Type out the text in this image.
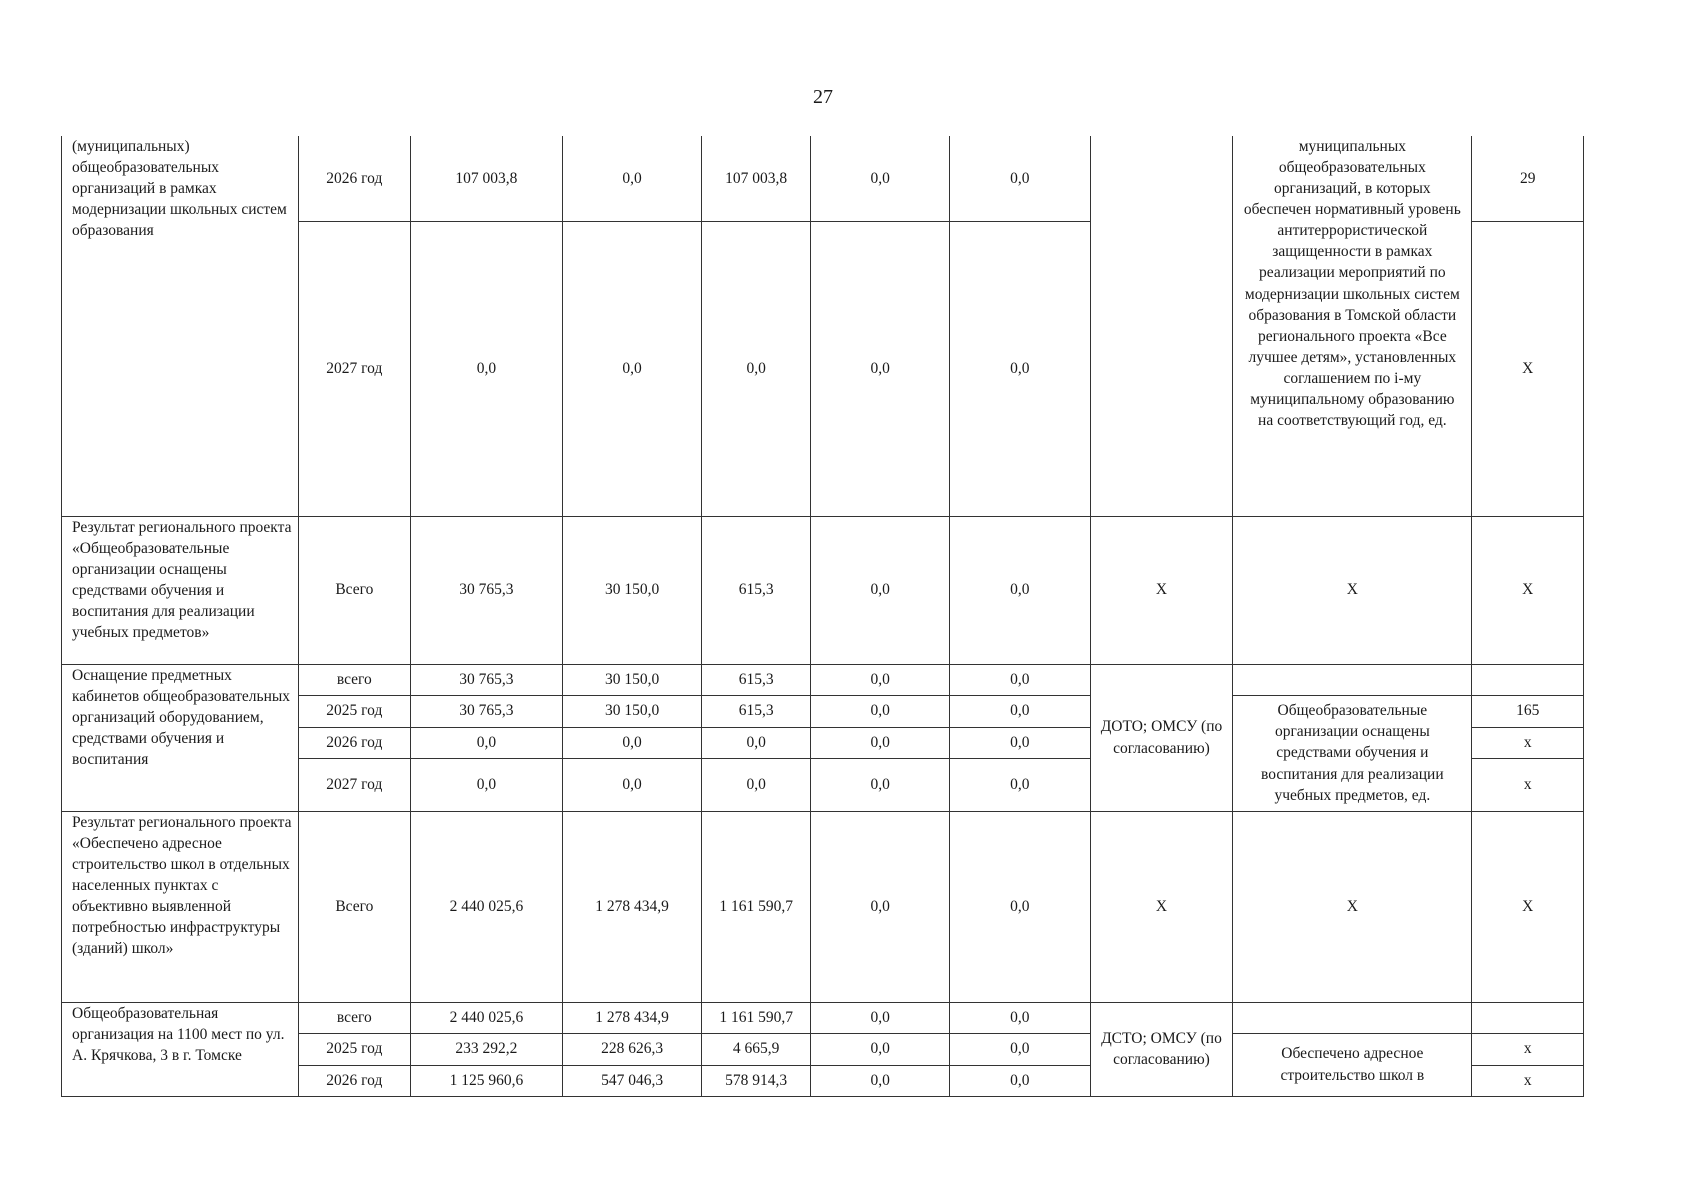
27
(муниципальных) общеобразовательных организаций в рамках модернизации школьных систем образования	2026 год	107 003,8	0,0	107 003,8	0,0	0,0		муниципальных общеобразовательных организаций, в которых обеспечен нормативный уровень антитеррористической защищенности в рамках реализации мероприятий по модернизации школьных систем образования в Томской области регионального проекта «Все лучшее детям», установленных соглашением по i-му муниципальному образованию на соответствующий год, ед.	29
	2027 год	0,0	0,0	0,0	0,0	0,0			Х
Результат регионального проекта «Общеобразовательные организации оснащены средствами обучения и воспитания для реализации учебных предметов»	Всего	30 765,3	30 150,0	615,3	0,0	0,0	Х	Х	Х
Оснащение предметных кабинетов общеобразовательных организаций оборудованием, средствами обучения и воспитания	всего	30 765,3	30 150,0	615,3	0,0	0,0	ДОТО; ОМСУ (по согласованию)		
	2025 год	30 765,3	30 150,0	615,3	0,0	0,0		Общеобразовательные организации оснащены средствами обучения и воспитания для реализации учебных предметов, ед.	165
	2026 год	0,0	0,0	0,0	0,0	0,0			х
	2027 год	0,0	0,0	0,0	0,0	0,0			х
Результат регионального проекта «Обеспечено адресное строительство школ в отдельных населенных пунктах с объективно выявленной потребностью инфраструктуры (зданий) школ»	Всего	2 440 025,6	1 278 434,9	1 161 590,7	0,0	0,0	Х	Х	Х
Общеобразовательная организация на 1100 мест по ул. А. Крячкова, 3 в г. Томске	всего	2 440 025,6	1 278 434,9	1 161 590,7	0,0	0,0	ДСТО; ОМСУ (по согласованию)		
	2025 год	233 292,2	228 626,3	4 665,9	0,0	0,0		Обеспечено адресное строительство школ в	х
	2026 год	1 125 960,6	547 046,3	578 914,3	0,0	0,0			х
